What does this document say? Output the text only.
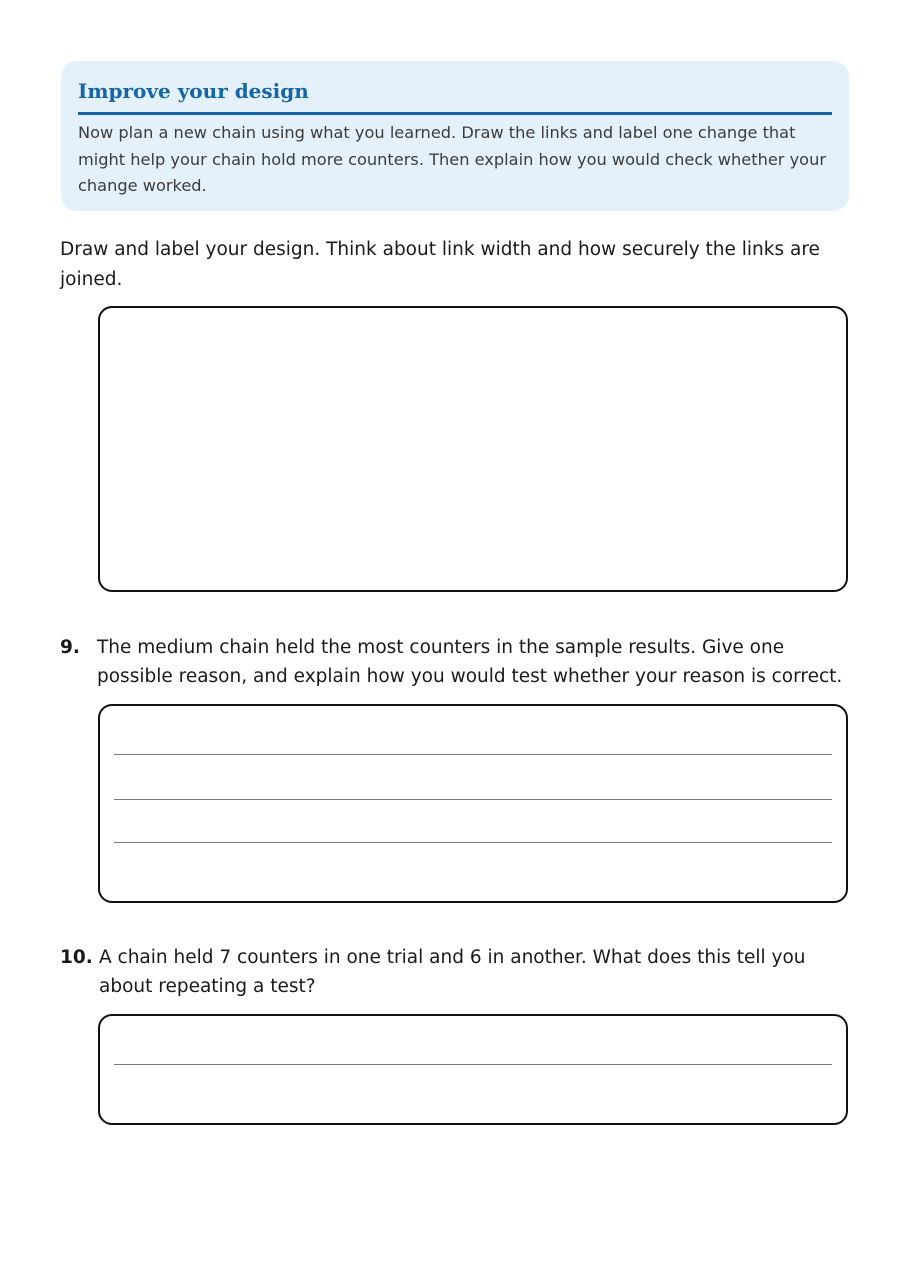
Improve your design
Now plan a new chain using what you learned. Draw the links and label one change that might help your chain hold more counters. Then explain how you would check whether your change worked.
Draw and label your design. Think about link width and how securely the links are joined.
9. The medium chain held the most counters in the sample results. Give one possible reason, and explain how you would test whether your reason is correct.
10. A chain held 7 counters in one trial and 6 in another. What does this tell you about repeating a test?
